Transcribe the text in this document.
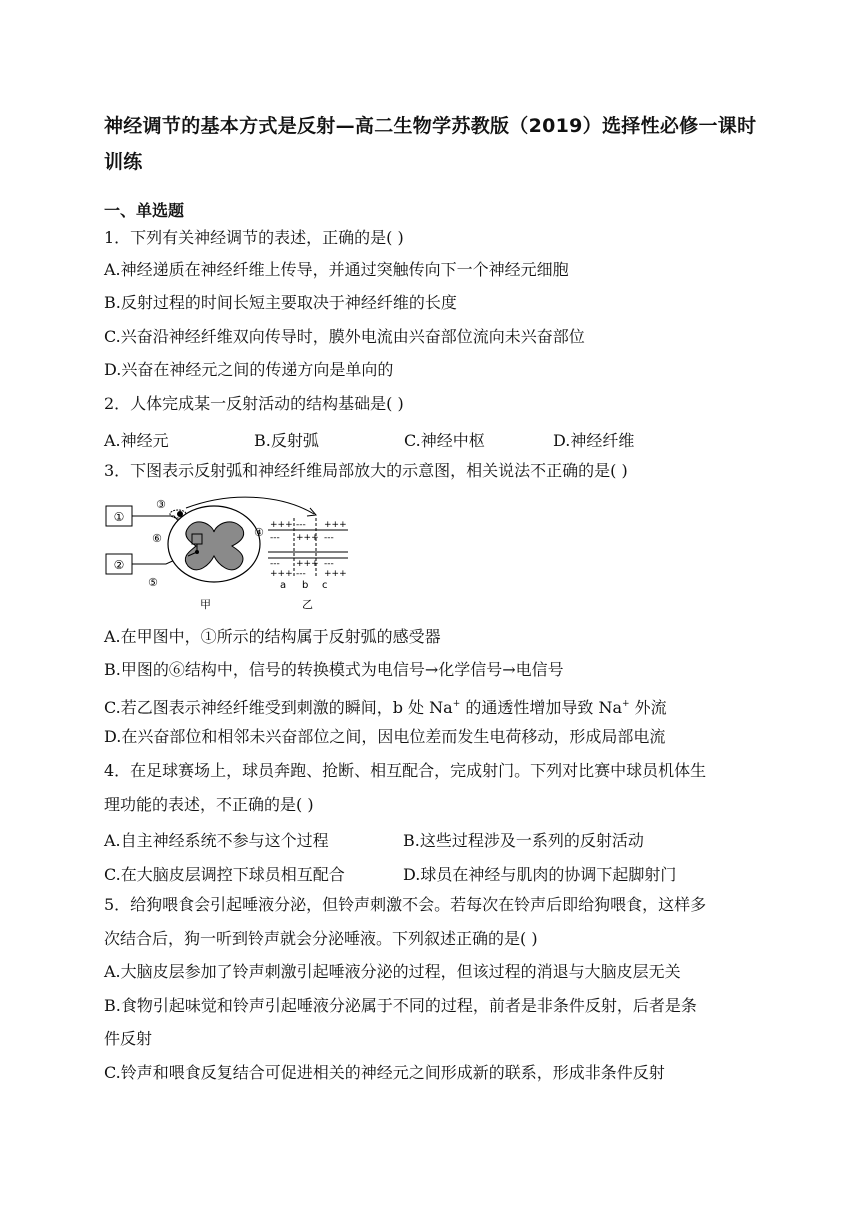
神经调节的基本方式是反射—高二生物学苏教版（2019）选择性必修一课时训练
一、单选题
1．下列有关神经调节的表述，正确的是( )
A.神经递质在神经纤维上传导，并通过突触传向下一个神经元细胞
B.反射过程的时间长短主要取决于神经纤维的长度
C.兴奋沿神经纤维双向传导时，膜外电流由兴奋部位流向未兴奋部位
D.兴奋在神经元之间的传递方向是单向的
2．人体完成某一反射活动的结构基础是( )
A.神经元	B.反射弧	C.神经中枢	D.神经纤维
3．下图表示反射弧和神经纤维局部放大的示意图，相关说法不正确的是( )
①
②
③
⑥
⑤
④
+++ --- +++
--- +++ ---
--- +++ ---
+++ --- +++
a b c
甲	乙
A.在甲图中，①所示的结构属于反射弧的感受器
B.甲图的⑥结构中，信号的转换模式为电信号→化学信号→电信号
C.若乙图表示神经纤维受到刺激的瞬间，b 处 Na+ 的通透性增加导致 Na+ 外流
D.在兴奋部位和相邻未兴奋部位之间，因电位差而发生电荷移动，形成局部电流
4．在足球赛场上，球员奔跑、抢断、相互配合，完成射门。下列对比赛中球员机体生
理功能的表述，不正确的是( )
A.自主神经系统不参与这个过程	B.这些过程涉及一系列的反射活动
C.在大脑皮层调控下球员相互配合	D.球员在神经与肌肉的协调下起脚射门
5．给狗喂食会引起唾液分泌，但铃声刺激不会。若每次在铃声后即给狗喂食，这样多
次结合后，狗一听到铃声就会分泌唾液。下列叙述正确的是( )
A.大脑皮层参加了铃声刺激引起唾液分泌的过程，但该过程的消退与大脑皮层无关
B.食物引起味觉和铃声引起唾液分泌属于不同的过程，前者是非条件反射，后者是条
件反射
C.铃声和喂食反复结合可促进相关的神经元之间形成新的联系，形成非条件反射
